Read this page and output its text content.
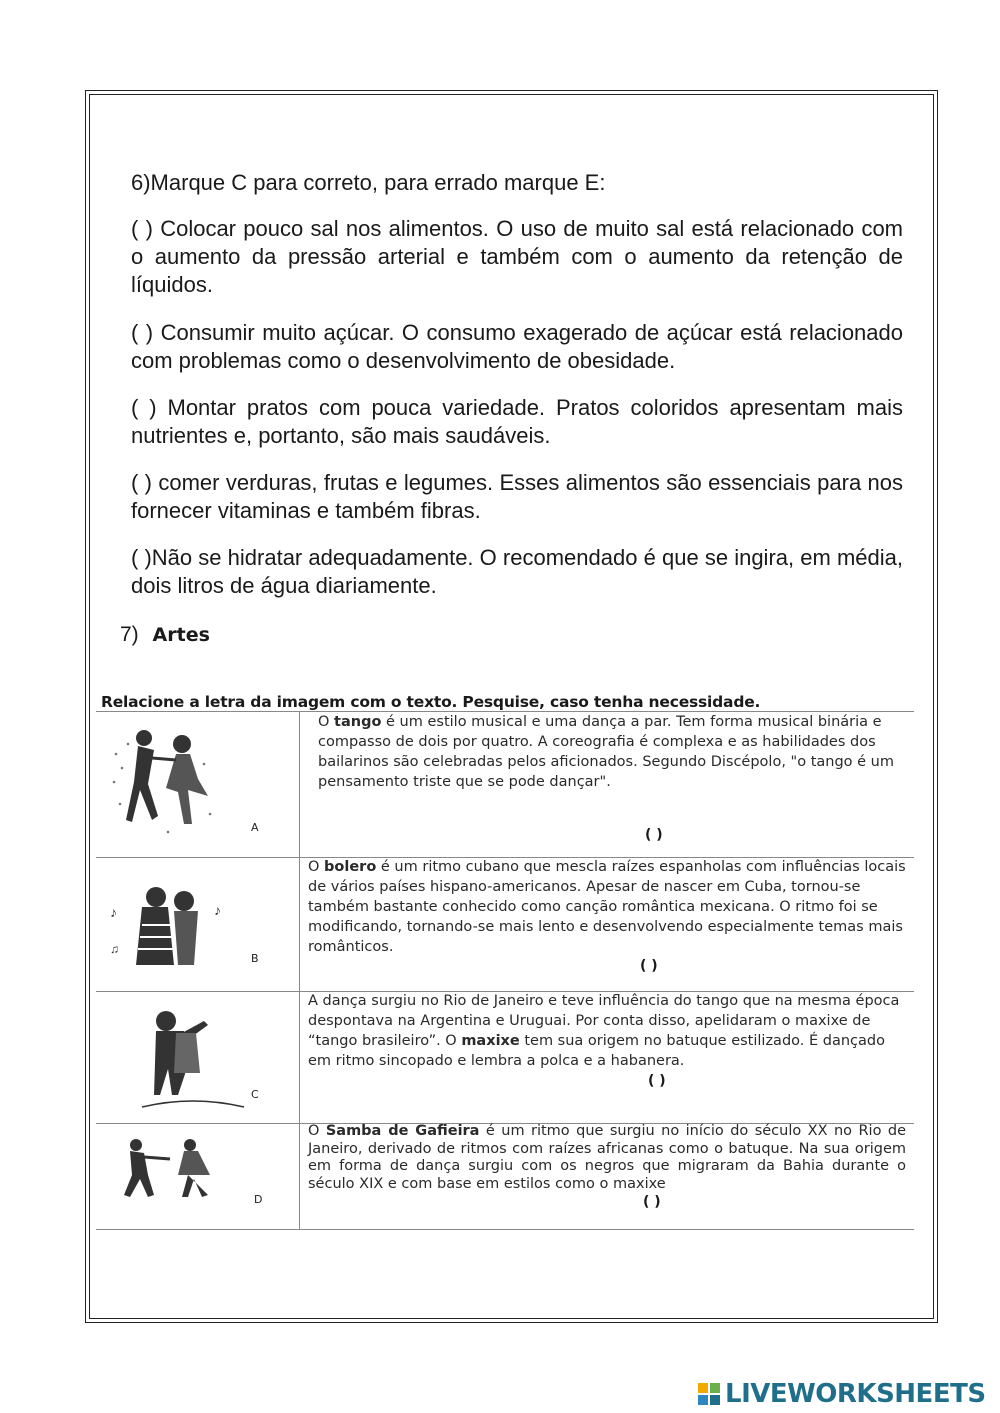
6)Marque C para correto, para errado marque E:
( ) Colocar pouco sal nos alimentos. O uso de muito sal está relacionado com o aumento da pressão arterial e também com o aumento da retenção de líquidos.
( ) Consumir muito açúcar. O consumo exagerado de açúcar está relacionado com problemas como o desenvolvimento de obesidade.
( ) Montar pratos com pouca variedade. Pratos coloridos apresentam mais nutrientes e, portanto, são mais saudáveis.
( ) comer verduras, frutas e legumes. Esses alimentos são essenciais para nos fornecer vitaminas e também fibras.
( )Não se hidratar adequadamente. O recomendado é que se ingira, em média, dois litros de água diariamente.
7) Artes
Relacione a letra da imagem com o texto. Pesquise, caso tenha necessidade.
A
O tango é um estilo musical e uma dança a par. Tem forma musical binária e compasso de dois por quatro. A coreografia é complexa e as habilidades dos bailarinos são celebradas pelos aficionados. Segundo Discépolo, "o tango é um pensamento triste que se pode dançar".
( )
♪	♪
♫
B
O bolero é um ritmo cubano que mescla raízes espanholas com influências locais de vários países hispano-americanos. Apesar de nascer em Cuba, tornou-se também bastante conhecido como canção romântica mexicana. O ritmo foi se modificando, tornando-se mais lento e desenvolvendo especialmente temas mais românticos.
( )
C
A dança surgiu no Rio de Janeiro e teve influência do tango que na mesma época despontava na Argentina e Uruguai. Por conta disso, apelidaram o maxixe de “tango brasileiro”. O maxixe tem sua origem no batuque estilizado. É dançado em ritmo sincopado e lembra a polca e a habanera.
( )
D
O Samba de Gafieira é um ritmo que surgiu no início do século XX no Rio de Janeiro, derivado de ritmos com raízes africanas como o batuque. Na sua origem em forma de dança surgiu com os negros que migraram da Bahia durante o século XIX e com base em estilos como o maxixe
( )
LIVEWORKSHEETS
